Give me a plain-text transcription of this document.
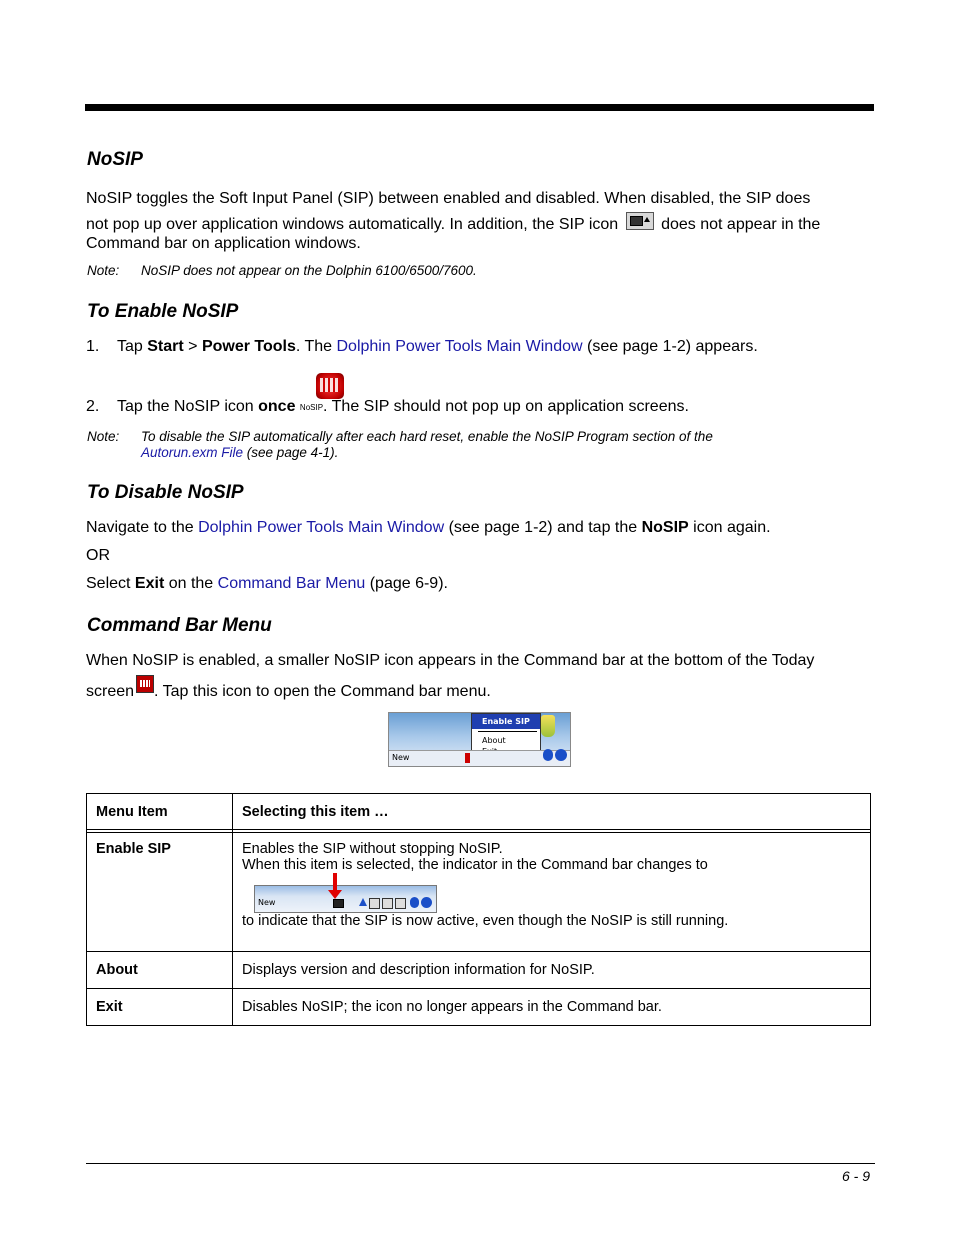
NoSIP

NoSIP toggles the Soft Input Panel (SIP) between enabled and disabled. When disabled, the SIP does

not pop up over application windows automatically. In addition, the SIP icon	does not appear in the

Command bar on application windows.

Note: NoSIP does not appear on the Dolphin 6100/6500/7600.
To Enable NoSIP

1. Tap Start > Power Tools. The Dolphin Power Tools Main Window (see page 1-2) appears.

2. Tap the NoSIP icon once NoSIP. The SIP should not pop up on application screens.

Note: To disable the SIP automatically after each hard reset, enable the NoSIP Program section of the
Autorun.exm File (see page 4-1).
To Disable NoSIP

Navigate to the Dolphin Power Tools Main Window (see page 1-2) and tap the NoSIP icon again.

OR

Select Exit on the Command Bar Menu (page 6-9).

Command Bar Menu

When NoSIP is enabled, a smaller NoSIP icon appears in the Command bar at the bottom of the Today

screen . Tap this icon to open the Command bar menu.

Enable SIP
About
New
Menu Item	Selecting this item …

Enable SIP	Enables the SIP without stopping NoSIP.
When this item is selected, the indicator in the Command bar changes to
New
to indicate that the SIP is now active, even though the NoSIP is still running.

About	Displays version and description information for NoSIP.
Exit	Disables NoSIP; the icon no longer appears in the Command bar.
6 - 9
